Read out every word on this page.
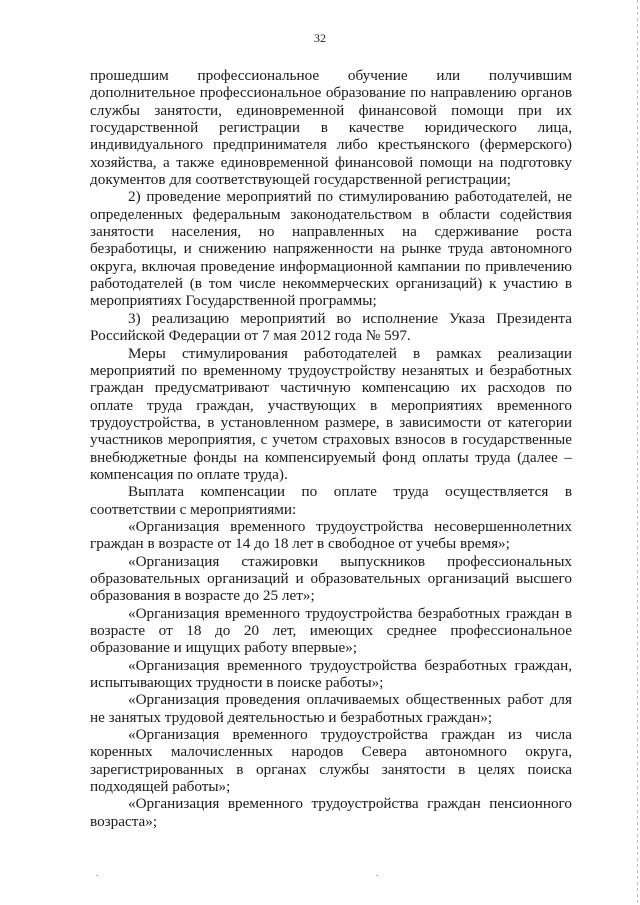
32

прошедшим профессиональное обучение или получившим дополнительное профессиональное образование по направлению органов службы занятости, единовременной финансовой помощи при их государственной регистрации в качестве юридического лица, индивидуального предпринимателя либо крестьянского (фермерского) хозяйства, а также единовременной финансовой помощи на подготовку документов для соответствующей государственной регистрации;

2) проведение мероприятий по стимулированию работодателей, не определенных федеральным законодательством в области содействия занятости населения, но направленных на сдерживание роста безработицы, и снижению напряженности на рынке труда автономного округа, включая проведение информационной кампании по привлечению работодателей (в том числе некоммерческих организаций) к участию в мероприятиях Государственной программы;

3) реализацию мероприятий во исполнение Указа Президента Российской Федерации от 7 мая 2012 года № 597.

Меры стимулирования работодателей в рамках реализации мероприятий по временному трудоустройству незанятых и безработных граждан предусматривают частичную компенсацию их расходов по оплате труда граждан, участвующих в мероприятиях временного трудоустройства, в установленном размере, в зависимости от категории участников мероприятия, с учетом страховых взносов в государственные внебюджетные фонды на компенсируемый фонд оплаты труда (далее – компенсация по оплате труда).

Выплата компенсации по оплате труда осуществляется в соответствии с мероприятиями:

«Организация временного трудоустройства несовершеннолетних граждан в возрасте от 14 до 18 лет в свободное от учебы время»;

«Организация стажировки выпускников профессиональных образовательных организаций и образовательных организаций высшего образования в возрасте до 25 лет»;

«Организация временного трудоустройства безработных граждан в возрасте от 18 до 20 лет, имеющих среднее профессиональное образование и ищущих работу впервые»;

«Организация временного трудоустройства безработных граждан, испытывающих трудности в поиске работы»;

«Организация проведения оплачиваемых общественных работ для не занятых трудовой деятельностью и безработных граждан»;

«Организация временного трудоустройства граждан из числа коренных малочисленных народов Севера автономного округа, зарегистрированных в органах службы занятости в целях поиска подходящей работы»;

«Организация временного трудоустройства граждан пенсионного возраста»;

.	.
